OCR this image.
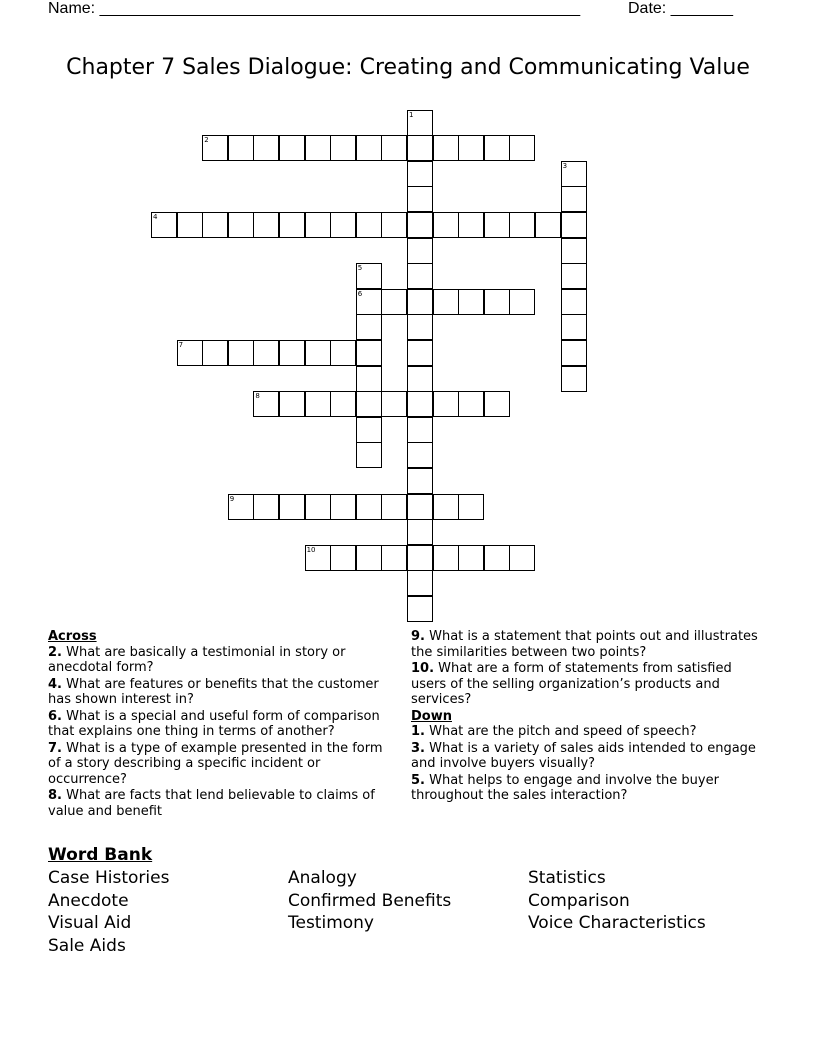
Name: ______________________________________________________	Date: _______
Chapter 7 Sales Dialogue: Creating and Communicating Value
1
2
3
4
5
6
7
8
9
10
Across
2. What are basically a testimonial in story or anecdotal form?
4. What are features or benefits that the customer has shown interest in?
6. What is a special and useful form of comparison that explains one thing in terms of another?
7. What is a type of example presented in the form of a story describing a specific incident or occurrence?
8. What are facts that lend believable to claims of value and benefit
9. What is a statement that points out and illustrates the similarities between two points?
10. What are a form of statements from satisfied users of the selling organization’s products and services?
Down
1. What are the pitch and speed of speech?
3. What is a variety of sales aids intended to engage and involve buyers visually?
5. What helps to engage and involve the buyer throughout the sales interaction?
Word Bank
Case Histories	Analogy	Statistics
Anecdote	Confirmed Benefits	Comparison
Visual Aid	Testimony	Voice Characteristics
Sale Aids
